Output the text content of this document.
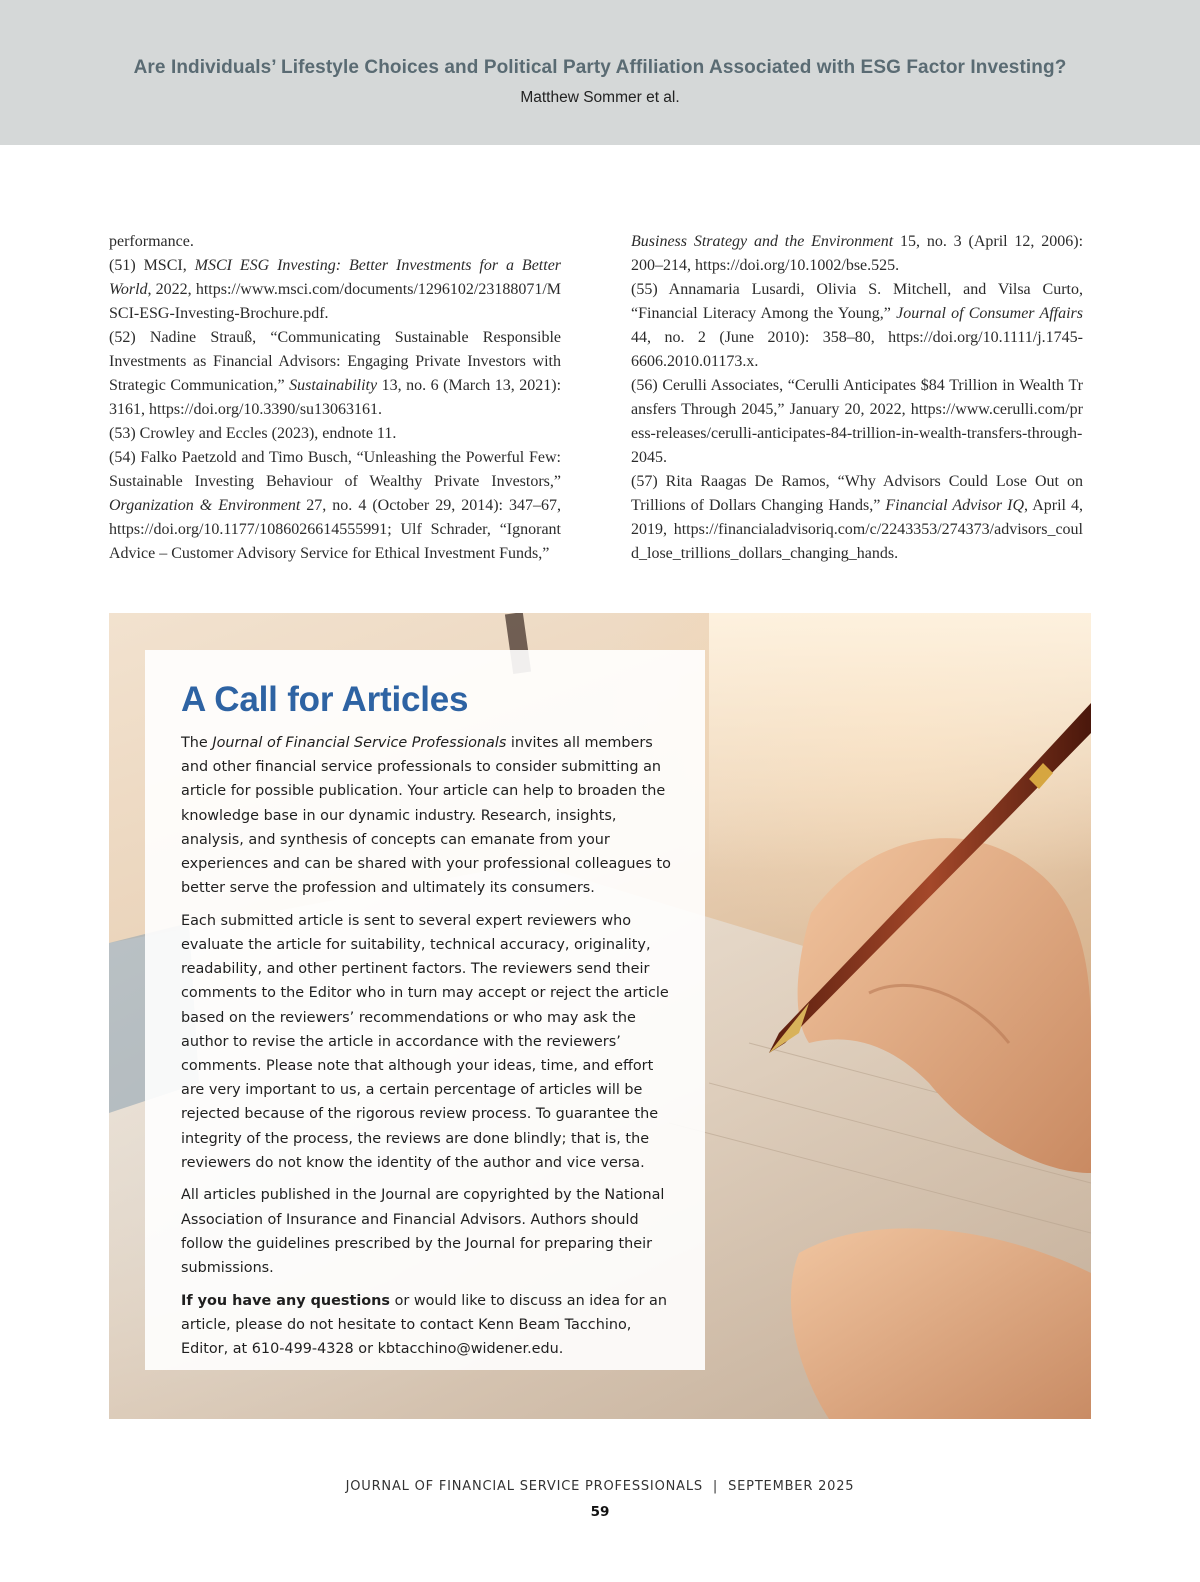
Are Individuals’ Lifestyle Choices and Political Party Affiliation Associated with ESG Factor Investing?
Matthew Sommer et al.

performance.

(51) MSCI, MSCI ESG Investing: Better Investments for a Better World, 2022, https://www.msci.com/documents/1296102/23188071/MSCI-ESG-Investing-Brochure.pdf.

(52) Nadine Strauß, “Communicating Sustainable Responsible Investments as Financial Advisors: Engaging Private Investors with Strategic Communication,” Sustainability 13, no. 6 (March 13, 2021): 3161, https://doi.org/10.3390/su13063161.

(53) Crowley and Eccles (2023), endnote 11.

(54) Falko Paetzold and Timo Busch, “Unleashing the Powerful Few: Sustainable Investing Behaviour of Wealthy Private Investors,” Organization & Environment 27, no. 4 (October 29, 2014): 347–67, https://doi.org/10.1177/1086026614555991; Ulf Schrader, “Ignorant Advice – Customer Advisory Service for Ethical Investment Funds,”

Business Strategy and the Environment 15, no. 3 (April 12, 2006): 200–214, https://doi.org/10.1002/bse.525.

(55) Annamaria Lusardi, Olivia S. Mitchell, and Vilsa Curto, “Financial Literacy Among the Young,” Journal of Consumer Affairs 44, no. 2 (June 2010): 358–80, https://doi.org/10.1111/j.1745-6606.2010.01173.x.

(56) Cerulli Associates, “Cerulli Anticipates $84 Trillion in Wealth Transfers Through 2045,” January 20, 2022, https://www.cerulli.com/press-releases/cerulli-anticipates-84-trillion-in-wealth-transfers-through-2045.

(57) Rita Raagas De Ramos, “Why Advisors Could Lose Out on Trillions of Dollars Changing Hands,” Financial Advisor IQ, April 4, 2019, https://financialadvisoriq.com/c/2243353/274373/advisors_could_lose_trillions_dollars_changing_hands.

A Call for Articles

The Journal of Financial Service Professionals invites all members and other financial service professionals to consider submitting an article for possible publication. Your article can help to broaden the knowledge base in our dynamic industry. Research, insights, analysis, and synthesis of concepts can emanate from your experiences and can be shared with your professional colleagues to better serve the profession and ultimately its consumers.

Each submitted article is sent to several expert reviewers who evaluate the article for suitability, technical accuracy, originality, readability, and other pertinent factors. The reviewers send their comments to the Editor who in turn may accept or reject the article based on the reviewers’ recommendations or who may ask the author to revise the article in accordance with the reviewers’ comments. Please note that although your ideas, time, and effort are very important to us, a certain percentage of articles will be rejected because of the rigorous review process. To guarantee the integrity of the process, the reviews are done blindly; that is, the reviewers do not know the identity of the author and vice versa.

All articles published in the Journal are copyrighted by the National Association of Insurance and Financial Advisors. Authors should follow the guidelines prescribed by the Journal for preparing their submissions.

If you have any questions or would like to discuss an idea for an article, please do not hesitate to contact Kenn Beam Tacchino, Editor, at 610-499-4328 or kbtacchino@widener.edu.

JOURNAL OF FINANCIAL SERVICE PROFESSIONALS | SEPTEMBER 2025
59
